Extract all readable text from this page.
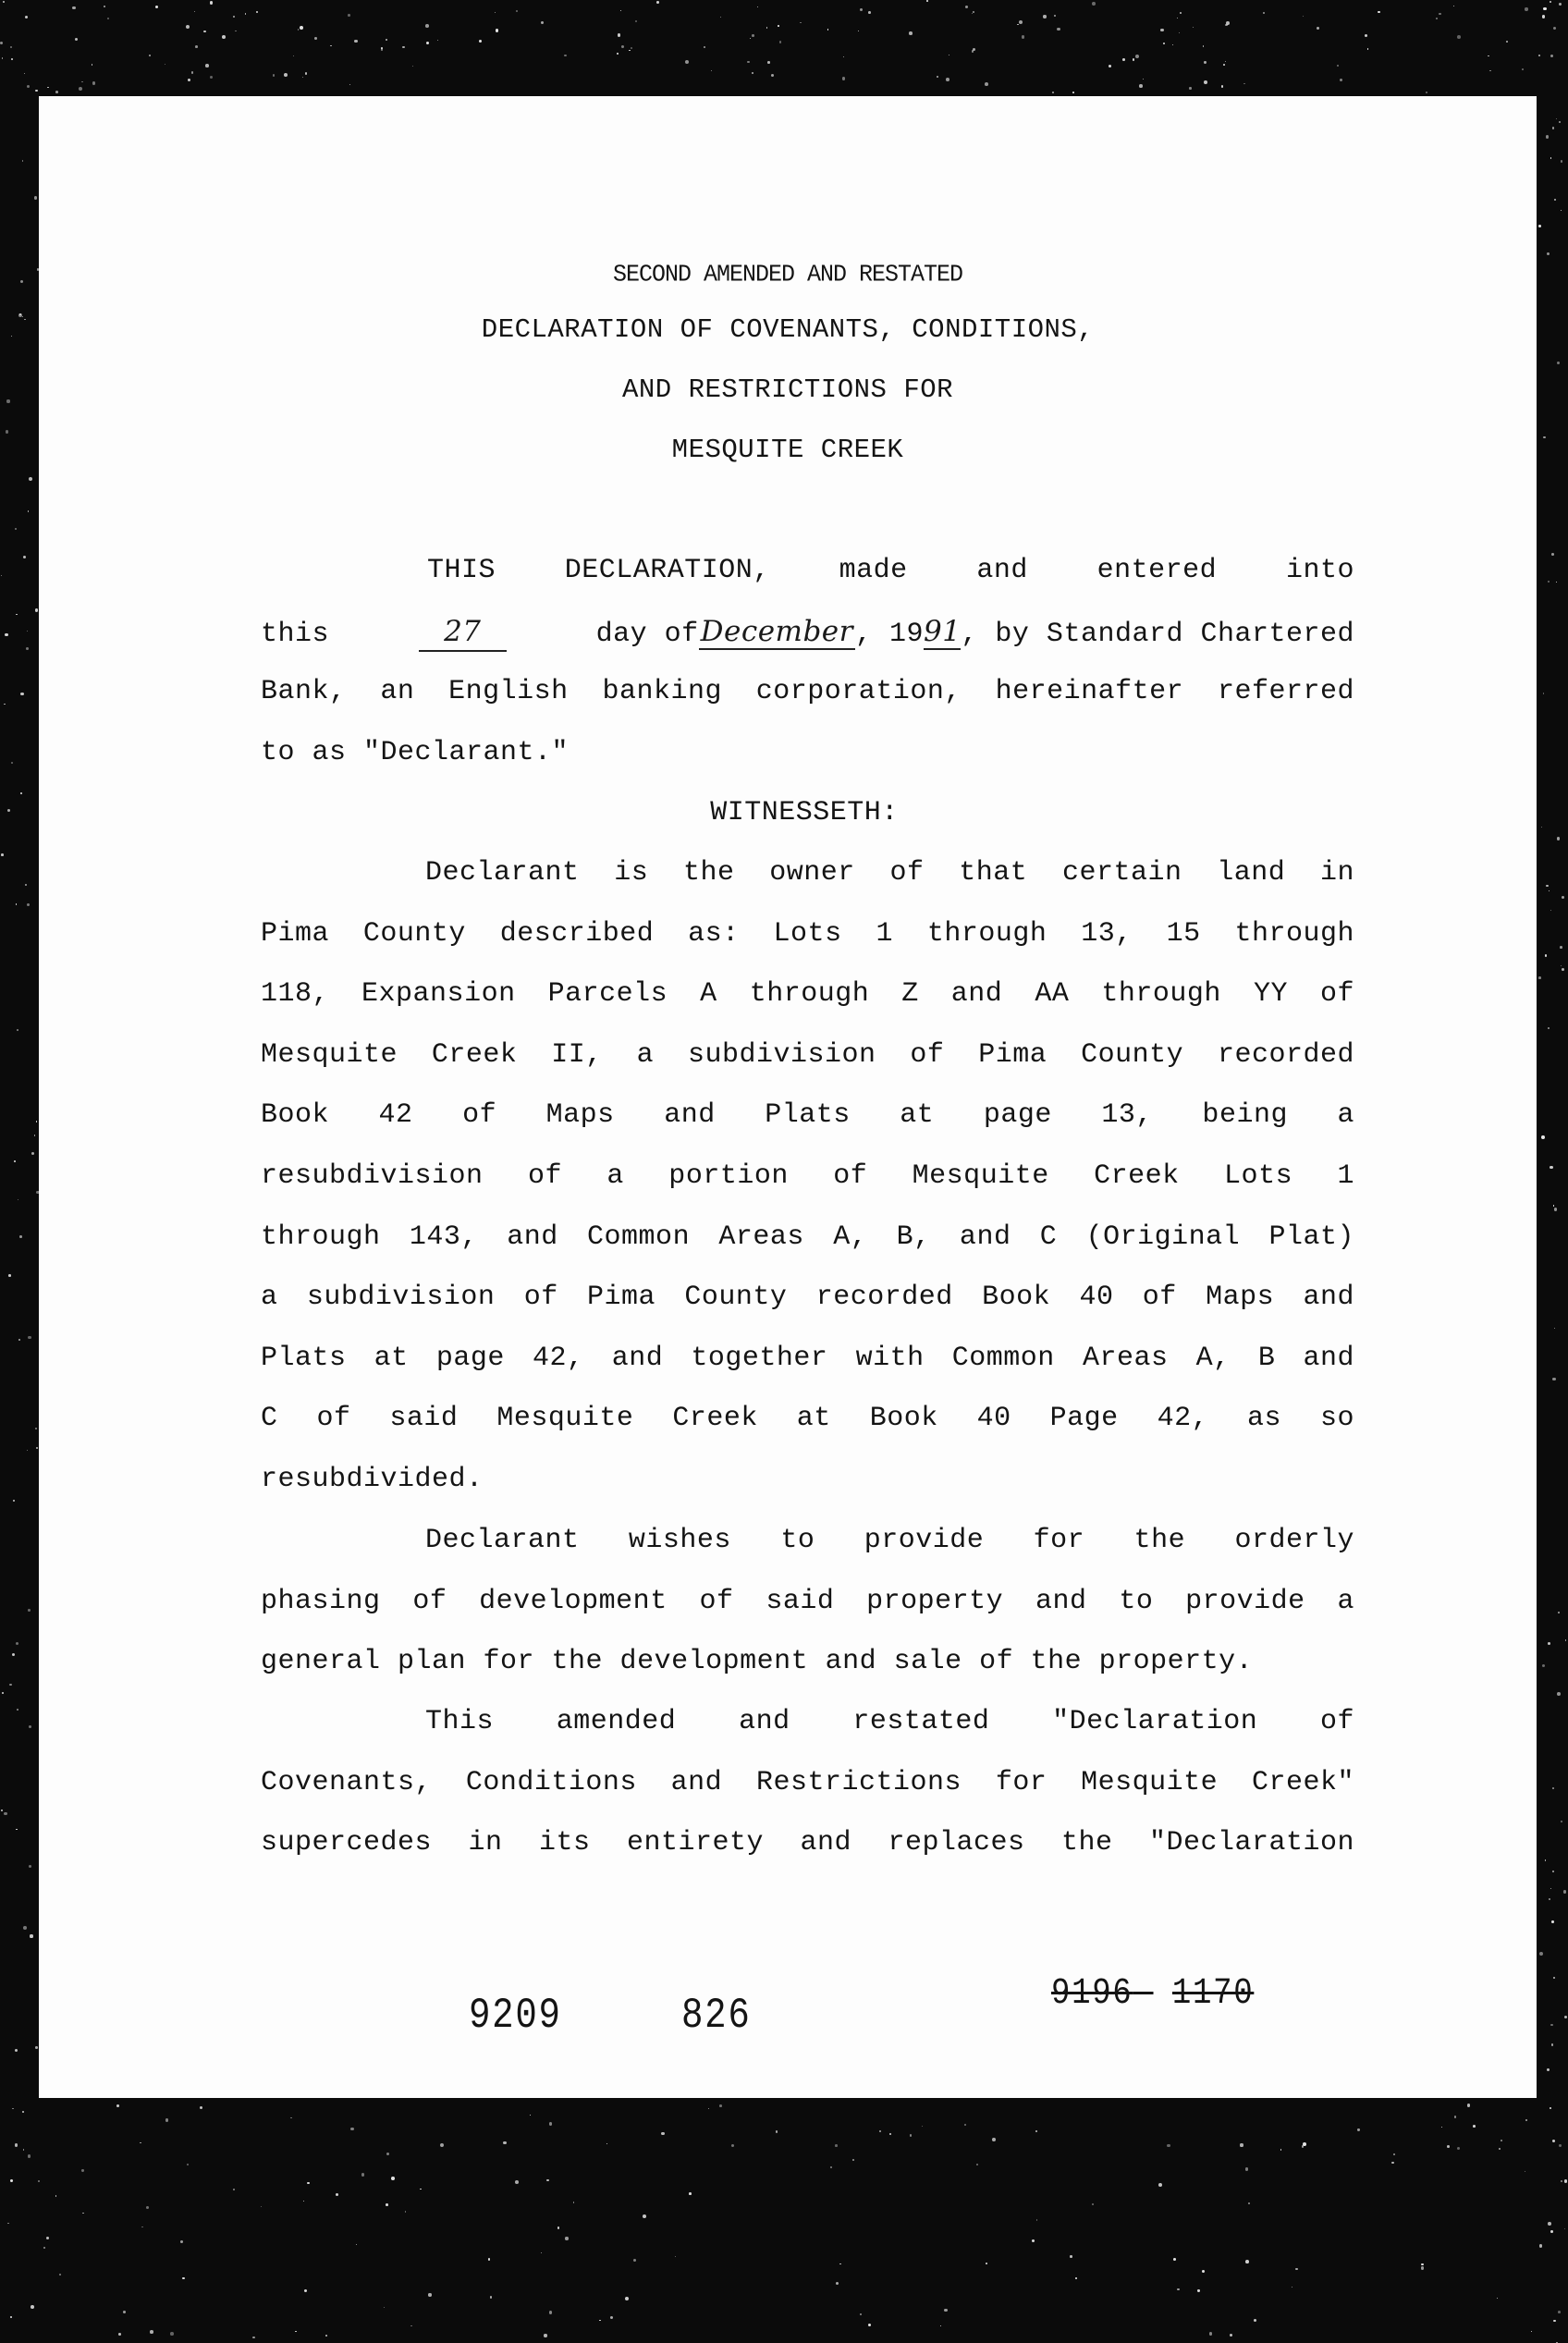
SECOND AMENDED AND RESTATED
DECLARATION OF COVENANTS, CONDITIONS,
AND RESTRICTIONS FOR
MESQUITE CREEK
THIS DECLARATION, made and entered into
this	27	day ofDecember, 1991, by Standard Chartered
Bank, an English banking corporation, hereinafter referred
to as "Declarant."
WITNESSETH:
Declarant is the owner of that certain land in
Pima County described as: Lots 1 through 13, 15 through
118, Expansion Parcels A through Z and AA through YY of
Mesquite Creek II, a subdivision of Pima County recorded
Book 42 of Maps and Plats at page 13, being a
resubdivision of a portion of Mesquite Creek Lots 1
through 143, and Common Areas A, B, and C (Original Plat)
a subdivision of Pima County recorded Book 40 of Maps and
Plats at page 42, and together with Common Areas A, B and
C of said Mesquite Creek at Book 40 Page 42, as so
resubdivided.
Declarant wishes to provide for the orderly
phasing of development of said property and to provide a
general plan for the development and sale of the property.
This amended and restated "Declaration of
Covenants, Conditions and Restrictions for Mesquite Creek"
supercedes in its entirety and replaces the "Declaration
9209	826	9196 1170
